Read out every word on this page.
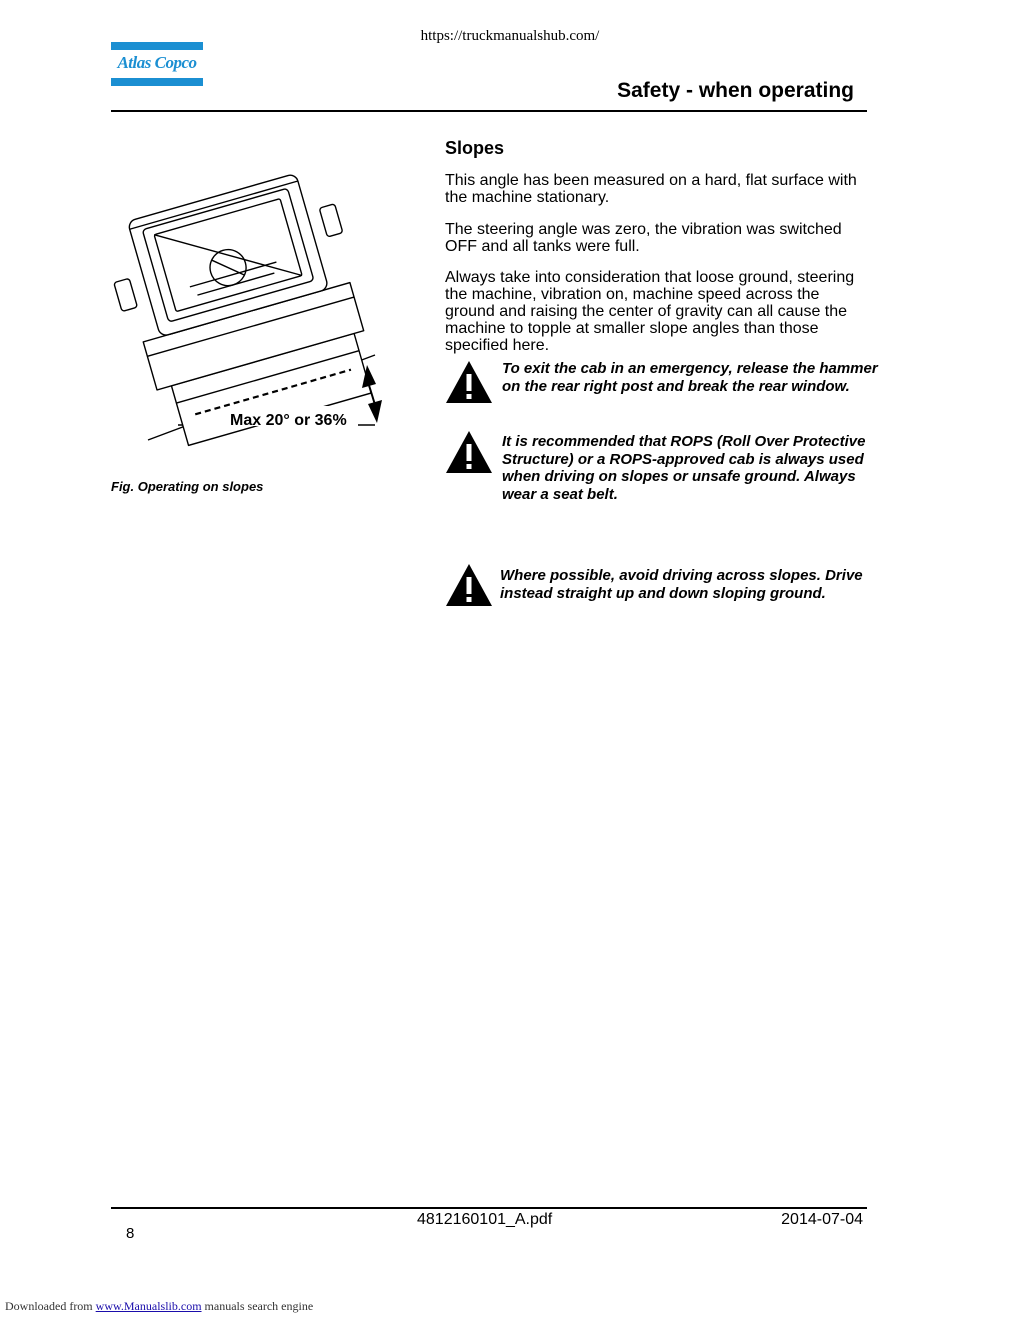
https://truckmanualshub.com/
Atlas Copco
Safety - when operating
Max 20° or 36%
Fig. Operating on slopes
Slopes
This angle has been measured on a hard, flat surface with the machine stationary.
The steering angle was zero, the vibration was switched OFF and all tanks were full.
Always take into consideration that loose ground, steering the machine, vibration on, machine speed across the ground and raising the center of gravity can all cause the machine to topple at smaller slope angles than those specified here.
To exit the cab in an emergency, release the hammer on the rear right post and break the rear window.
It is recommended that ROPS (Roll Over Protective Structure) or a ROPS-approved cab is always used when driving on slopes or unsafe ground. Always wear a seat belt.
Where possible, avoid driving across slopes. Drive instead straight up and down sloping ground.
8
4812160101_A.pdf	2014-07-04
Downloaded from www.Manualslib.com manuals search engine
